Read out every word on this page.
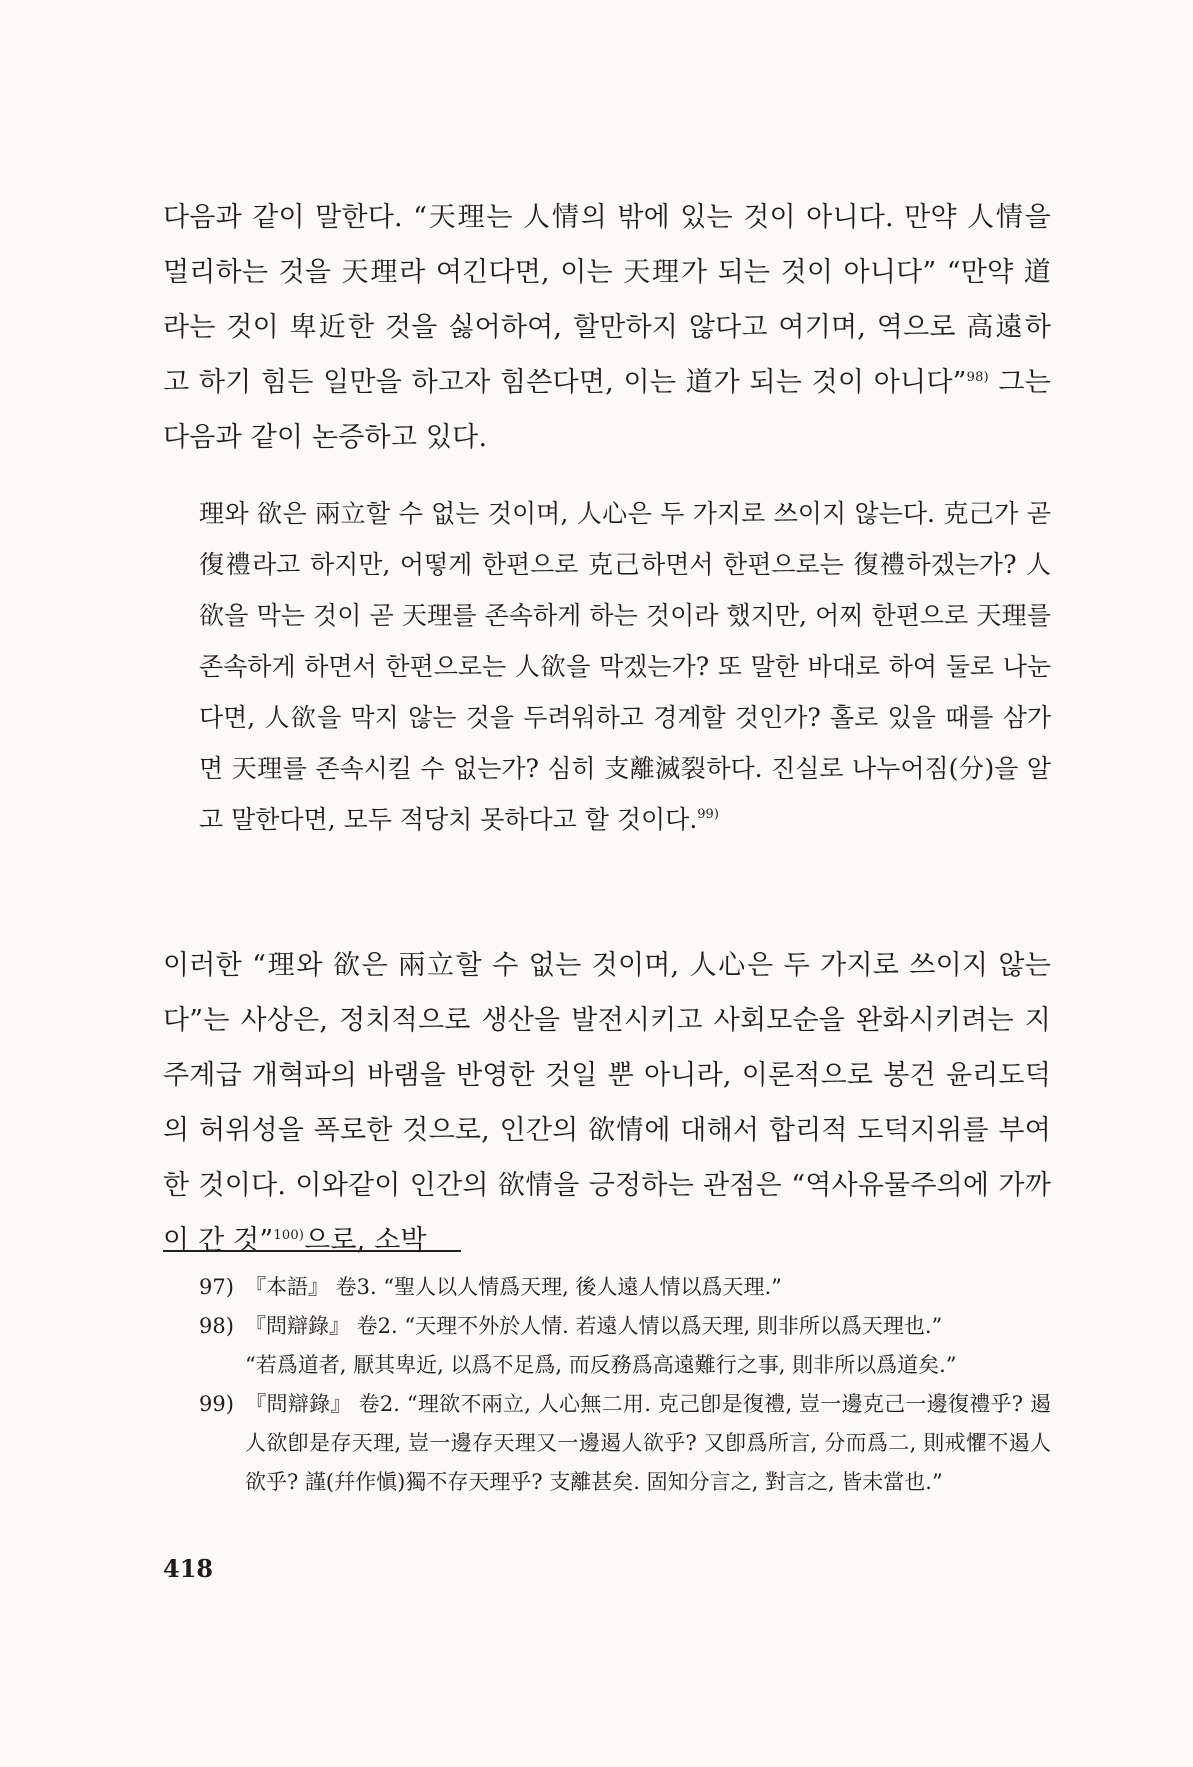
다음과 같이 말한다. “天理는 人情의 밖에 있는 것이 아니다. 만약 人情을 멀리하는 것을 天理라 여긴다면, 이는 天理가 되는 것이 아니다” “만약 道라는 것이 卑近한 것을 싫어하여, 할만하지 않다고 여기며, 역으로 高遠하고 하기 힘든 일만을 하고자 힘쓴다면, 이는 道가 되는 것이 아니다”$^{98)}$ 그는 다음과 같이 논증하고 있다.

理와 欲은 兩立할 수 없는 것이며, 人心은 두 가지로 쓰이지 않는다. 克己가 곧 復禮라고 하지만, 어떻게 한편으로 克己하면서 한편으로는 復禮하겠는가? 人欲을 막는 것이 곧 天理를 존속하게 하는 것이라 했지만, 어찌 한편으로 天理를 존속하게 하면서 한편으로는 人欲을 막겠는가? 또 말한 바대로 하여 둘로 나눈다면, 人欲을 막지 않는 것을 두려워하고 경계할 것인가? 홀로 있을 때를 삼가면 天理를 존속시킬 수 없는가? 심히 支離滅裂하다. 진실로 나누어짐(分)을 알고 말한다면, 모두 적당치 못하다고 할 것이다.$^{99)}$

이러한 “理와 欲은 兩立할 수 없는 것이며, 人心은 두 가지로 쓰이지 않는다”는 사상은, 정치적으로 생산을 발전시키고 사회모순을 완화시키려는 지주계급 개혁파의 바램을 반영한 것일 뿐 아니라, 이론적으로 봉건 윤리도덕의 허위성을 폭로한 것으로, 인간의 欲情에 대해서 합리적 도덕지위를 부여한 것이다. 이와같이 인간의 欲情을 긍정하는 관점은 “역사유물주의에 가까이 간 것”$^{100)}$으로, 소박

97) 『本語』 卷3. “聖人以人情爲天理, 後人遠人情以爲天理.”

98) 『問辯錄』 卷2. “天理不外於人情. 若遠人情以爲天理, 則非所以爲天理也.”

“若爲道者, 厭其卑近, 以爲不足爲, 而反務爲高遠難行之事, 則非所以爲道矣.”

99) 『問辯錄』 卷2. “理欲不兩立, 人心無二用. 克己卽是復禮, 豈一邊克己一邊復禮乎? 遏人欲卽是存天理, 豈一邊存天理又一邊遏人欲乎? 又卽爲所言, 分而爲二, 則戒懼不遏人欲乎? 謹(幷作愼)獨不存天理乎? 支離甚矣. 固知分言之, 對言之, 皆未當也.”

418
